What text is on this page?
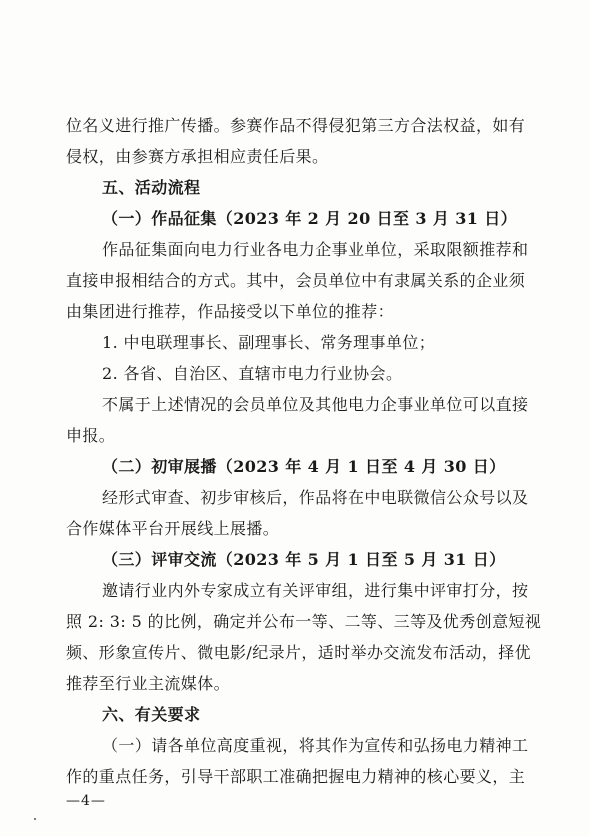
位名义进行推广传播。参赛作品不得侵犯第三方合法权益，如有
侵权，由参赛方承担相应责任后果。
五、活动流程
（一）作品征集（2023 年 2 月 20 日至 3 月 31 日）
作品征集面向电力行业各电力企事业单位，采取限额推荐和
直接申报相结合的方式。其中，会员单位中有隶属关系的企业须
由集团进行推荐，作品接受以下单位的推荐：
1. 中电联理事长、副理事长、常务理事单位；
2. 各省、自治区、直辖市电力行业协会。
不属于上述情况的会员单位及其他电力企事业单位可以直接
申报。
（二）初审展播（2023 年 4 月 1 日至 4 月 30 日）
经形式审查、初步审核后，作品将在中电联微信公众号以及
合作媒体平台开展线上展播。
（三）评审交流（2023 年 5 月 1 日至 5 月 31 日）
邀请行业内外专家成立有关评审组，进行集中评审打分，按
照 2: 3: 5 的比例，确定并公布一等、二等、三等及优秀创意短视
频、形象宣传片、微电影/纪录片，适时举办交流发布活动，择优
推荐至行业主流媒体。
六、有关要求
（一）请各单位高度重视，将其作为宣传和弘扬电力精神工
作的重点任务，引导干部职工准确把握电力精神的核心要义，主
—4—
